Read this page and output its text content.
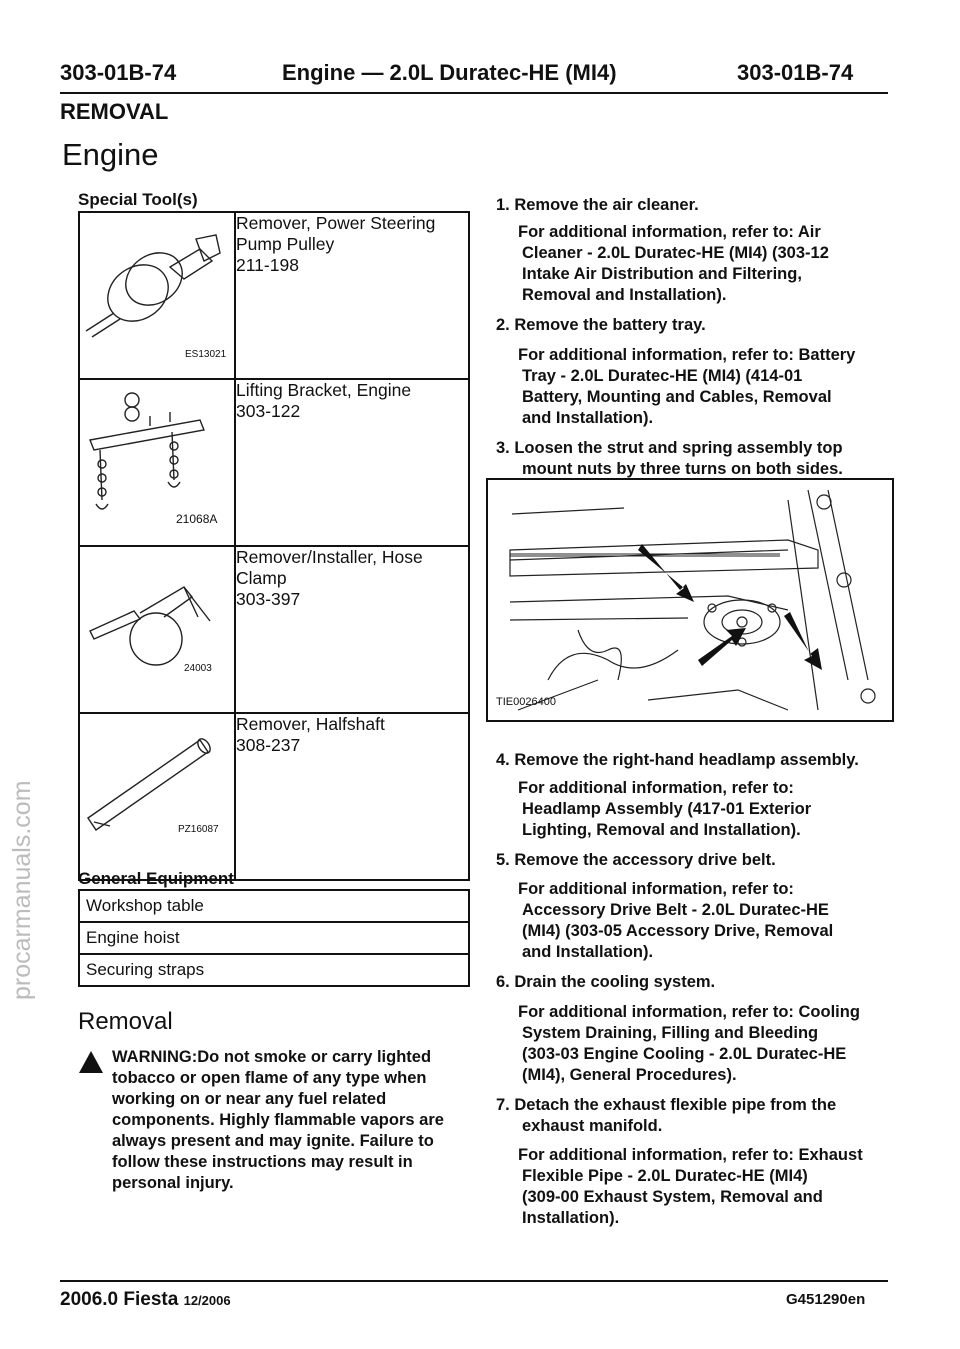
303-01B-74	Engine — 2.0L Duratec-HE (MI4)	303-01B-74
REMOVAL
Engine
Special Tool(s)
ES13021	Remover, Power Steering
Pump Pulley
211-198

21068A	Lifting Bracket, Engine
303-122

24003	Remover/Installer, Hose
Clamp
303-397

PZ16087	Remover, Halfshaft
308-237
General Equipment
Workshop table
Engine hoist
Securing straps
Removal
WARNING:Do not smoke or carry lighted
tobacco or open flame of any type when
working on or near any fuel related
components. Highly flammable vapors are
always present and may ignite. Failure to
follow these instructions may result in
personal injury.
1. Remove the air cleaner.
For additional information, refer to: Air
Cleaner - 2.0L Duratec-HE (MI4) (303-12
Intake Air Distribution and Filtering,
Removal and Installation).
2. Remove the battery tray.
For additional information, refer to: Battery
Tray - 2.0L Duratec-HE (MI4) (414-01
Battery, Mounting and Cables, Removal
and Installation).
3. Loosen the strut and spring assembly top
mount nuts by three turns on both sides.
TIE0026400
4. Remove the right-hand headlamp assembly.
For additional information, refer to:
Headlamp Assembly (417-01 Exterior
Lighting, Removal and Installation).
5. Remove the accessory drive belt.
For additional information, refer to:
Accessory Drive Belt - 2.0L Duratec-HE
(MI4) (303-05 Accessory Drive, Removal
and Installation).
6. Drain the cooling system.
For additional information, refer to: Cooling
System Draining, Filling and Bleeding
(303-03 Engine Cooling - 2.0L Duratec-HE
(MI4), General Procedures).
7. Detach the exhaust flexible pipe from the
exhaust manifold.
For additional information, refer to: Exhaust
Flexible Pipe - 2.0L Duratec-HE (MI4)
(309-00 Exhaust System, Removal and
Installation).
2006.0 Fiesta 12/2006	G451290en
procarmanuals.com
